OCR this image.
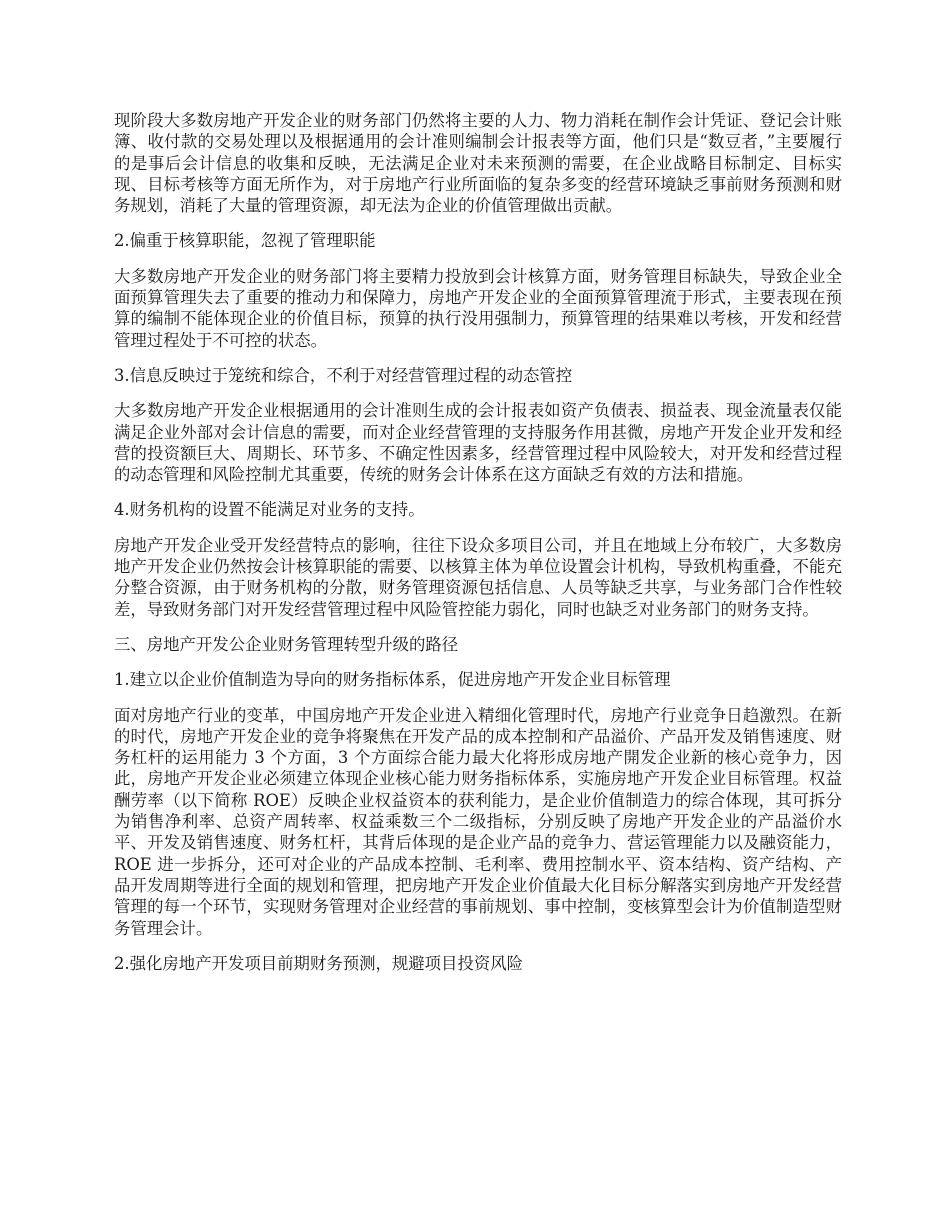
现阶段大多数房地产开发企业的财务部门仍然将主要的人力、物力消耗在制作会计凭证、登记会计账簿、收付款的交易处理以及根据通用的会计准则编制会计报表等方面，他们只是“数豆者，”主要履行的是事后会计信息的收集和反映，无法满足企业对未来预测的需要，在企业战略目标制定、目标实现、目标考核等方面无所作为，对于房地产行业所面临的复杂多变的经营环境缺乏事前财务预测和财务规划，消耗了大量的管理资源，却无法为企业的价值管理做出贡献。

2.偏重于核算职能，忽视了管理职能

大多数房地产开发企业的财务部门将主要精力投放到会计核算方面，财务管理目标缺失，导致企业全面预算管理失去了重要的推动力和保障力，房地产开发企业的全面预算管理流于形式，主要表现在预算的编制不能体现企业的价值目标，预算的执行没用强制力，预算管理的结果难以考核，开发和经营管理过程处于不可控的状态。

3.信息反映过于笼统和综合，不利于对经营管理过程的动态管控

大多数房地产开发企业根据通用的会计准则生成的会计报表如资产负债表、损益表、现金流量表仅能满足企业外部对会计信息的需要，而对企业经营管理的支持服务作用甚微，房地产开发企业开发和经营的投资额巨大、周期长、环节多、不确定性因素多，经营管理过程中风险较大，对开发和经营过程的动态管理和风险控制尤其重要，传统的财务会计体系在这方面缺乏有效的方法和措施。

4.财务机构的设置不能满足对业务的支持。

房地产开发企业受开发经营特点的影响，往往下设众多项目公司，并且在地域上分布较广，大多数房地产开发企业仍然按会计核算职能的需要、以核算主体为单位设置会计机构，导致机构重叠，不能充分整合资源，由于财务机构的分散，财务管理资源包括信息、人员等缺乏共享，与业务部门合作性较差，导致财务部门对开发经营管理过程中风险管控能力弱化，同时也缺乏对业务部门的财务支持。

三、房地产开发公企业财务管理转型升级的路径

1.建立以企业价值制造为导向的财务指标体系，促进房地产开发企业目标管理

面对房地产行业的变革，中国房地产开发企业进入精细化管理时代，房地产行业竞争日趋激烈。在新的时代，房地产开发企业的竞争将聚焦在开发产品的成本控制和产品溢价、产品开发及销售速度、财务杠杆的运用能力 3 个方面，3 个方面综合能力最大化将形成房地产開发企业新的核心竞争力，因此，房地产开发企业必须建立体现企业核心能力财务指标体系，实施房地产开发企业目标管理。权益酬劳率（以下简称 ROE）反映企业权益资本的获利能力，是企业价值制造力的综合体现，其可拆分为销售净利率、总资产周转率、权益乘数三个二级指标，分别反映了房地产开发企业的产品溢价水平、开发及销售速度、财务杠杆，其背后体现的是企业产品的竞争力、营运管理能力以及融资能力，ROE 进一步拆分，还可对企业的产品成本控制、毛利率、费用控制水平、资本结构、资产结构、产品开发周期等进行全面的规划和管理，把房地产开发企业价值最大化目标分解落实到房地产开发经营管理的每一个环节，实现财务管理对企业经营的事前规划、事中控制，变核算型会计为价值制造型财务管理会计。

2.强化房地产开发项目前期财务预测，规避项目投资风险
